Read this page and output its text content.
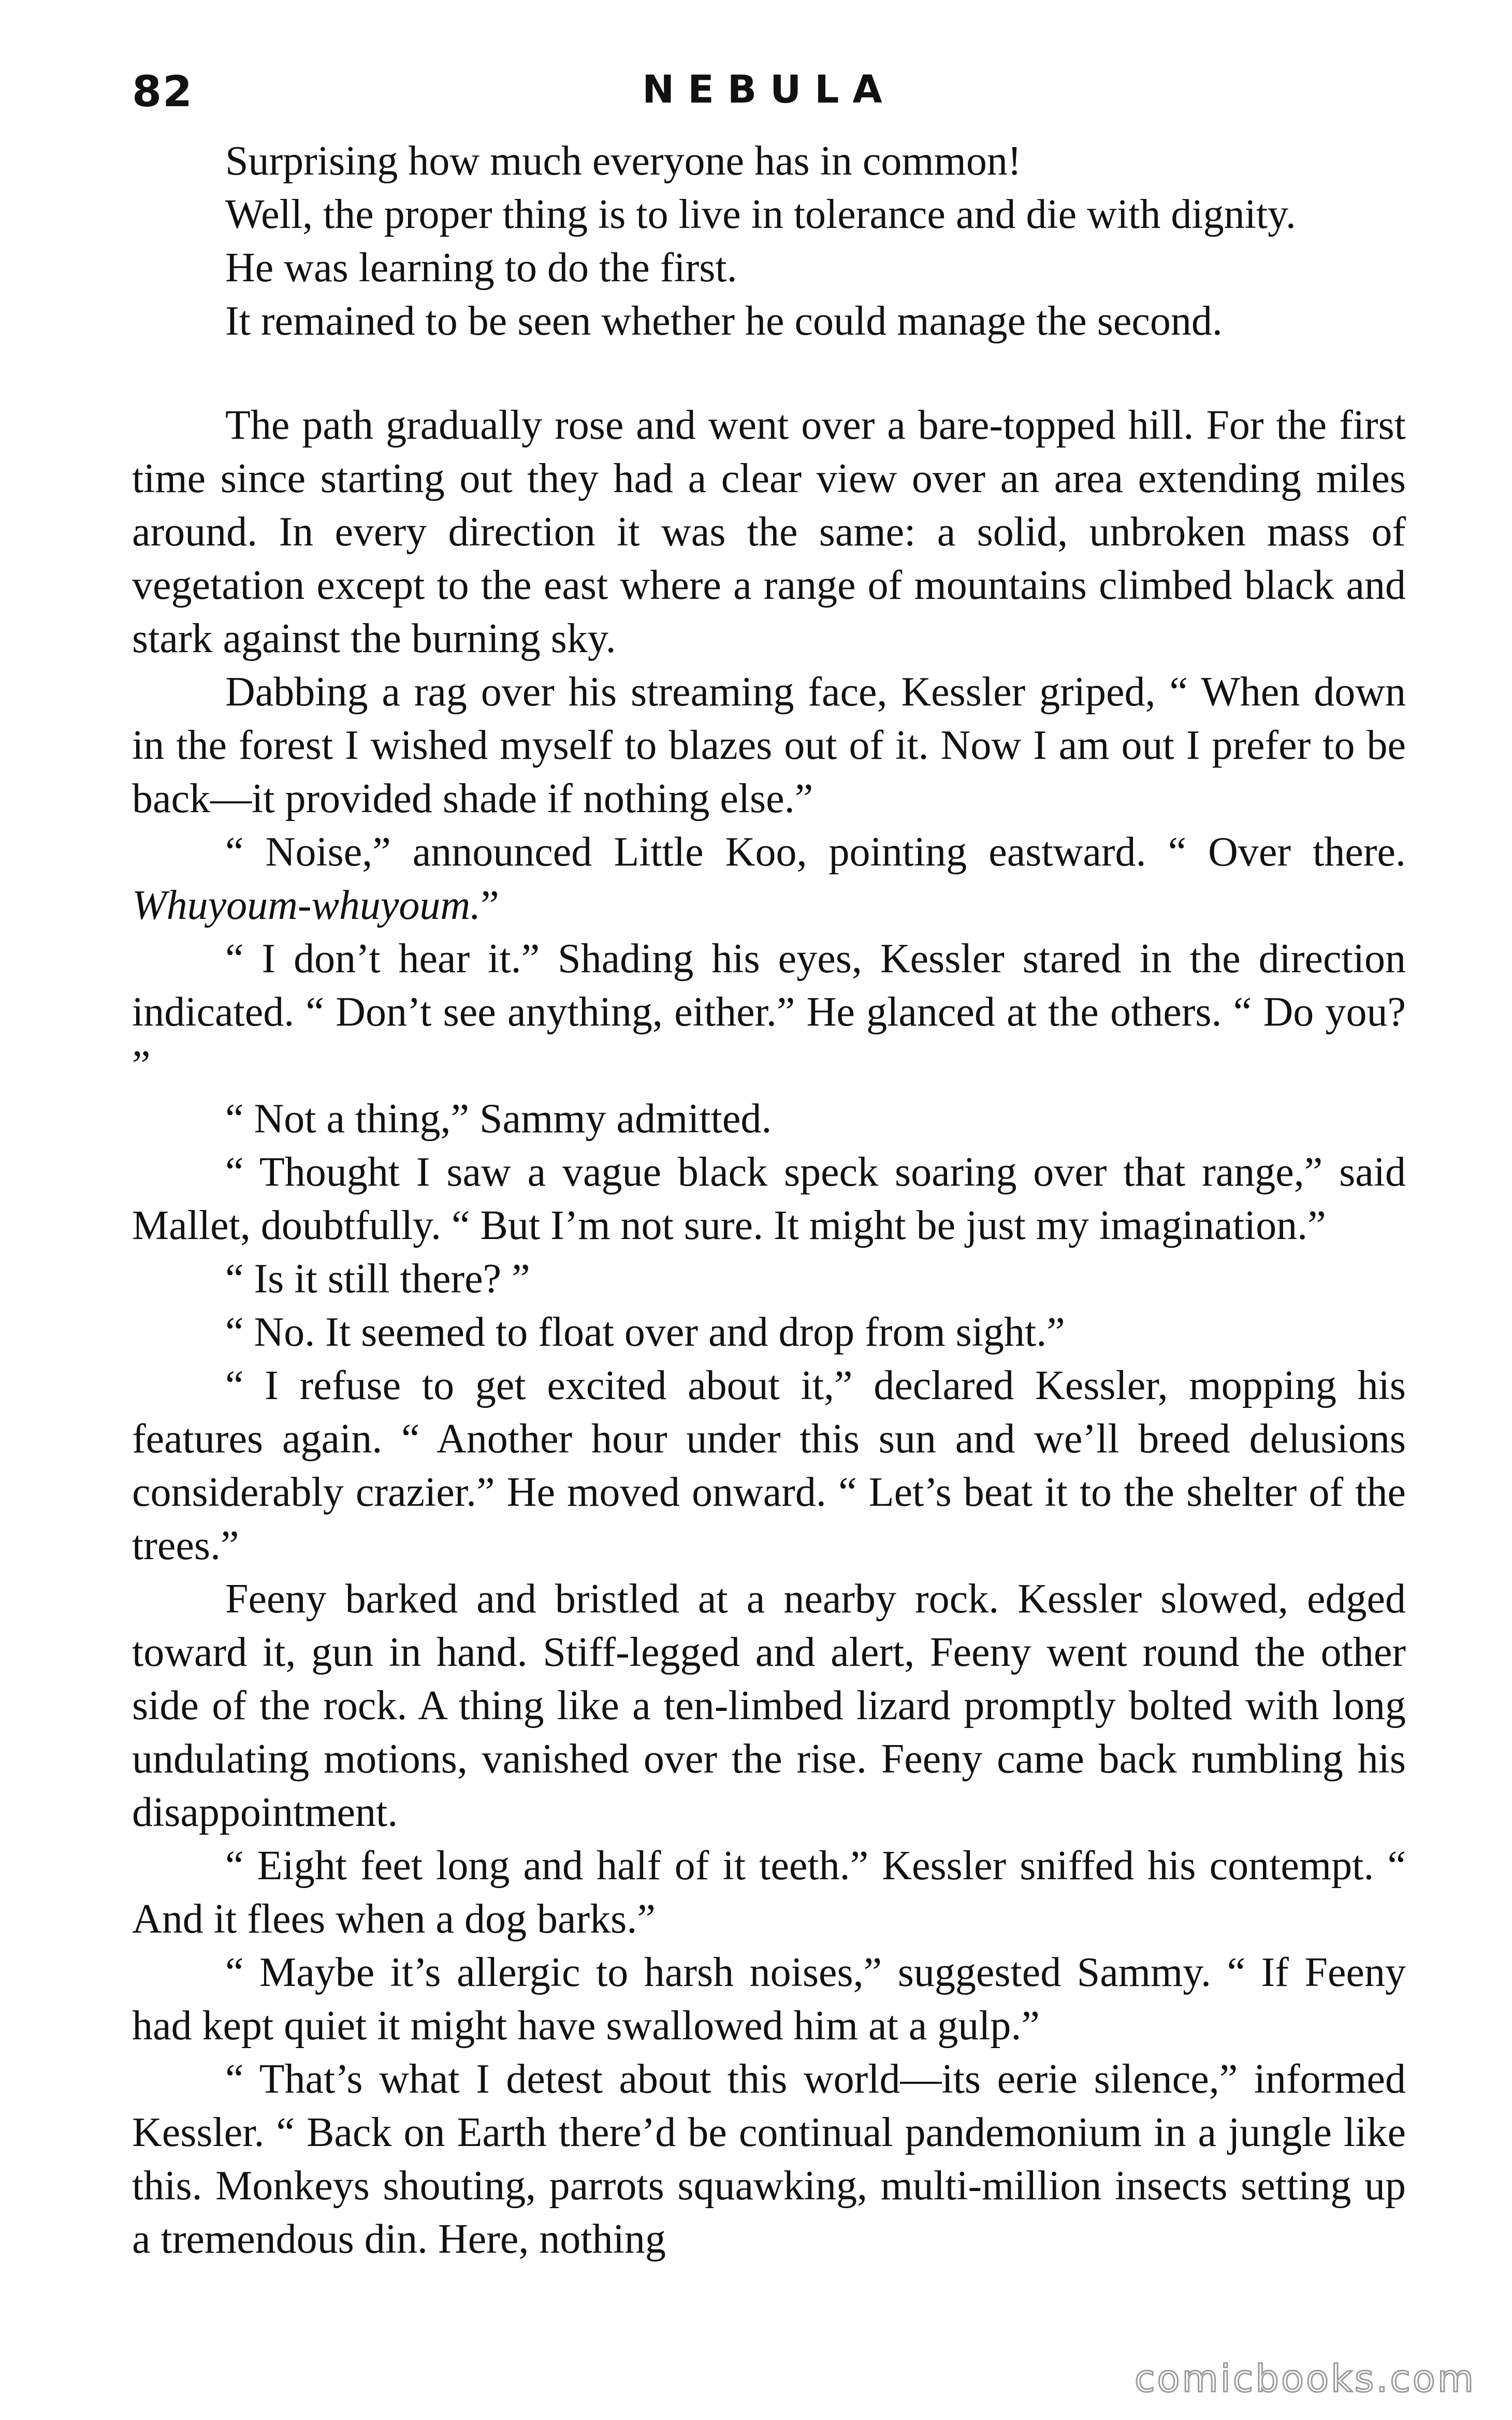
82	NEBULA

Surprising how much everyone has in common!

Well, the proper thing is to live in tolerance and die with dignity.

He was learning to do the first.

It remained to be seen whether he could manage the second.

The path gradually rose and went over a bare-topped hill. For the first time since starting out they had a clear view over an area extending miles around. In every direction it was the same: a solid, unbroken mass of vegetation except to the east where a range of mountains climbed black and stark against the burning sky.

Dabbing a rag over his streaming face, Kessler griped, “ When down in the forest I wished myself to blazes out of it. Now I am out I prefer to be back—it provided shade if nothing else.”

“ Noise,” announced Little Koo, pointing eastward. “ Over there. Whuyoum-whuyoum.”

“ I don’t hear it.” Shading his eyes, Kessler stared in the direction indicated. “ Don’t see anything, either.” He glanced at the others. “ Do you? ”

“ Not a thing,” Sammy admitted.

“ Thought I saw a vague black speck soaring over that range,” said Mallet, doubtfully. “ But I’m not sure. It might be just my imagination.”

“ Is it still there? ”

“ No. It seemed to float over and drop from sight.”

“ I refuse to get excited about it,” declared Kessler, mopping his features again. “ Another hour under this sun and we’ll breed delusions considerably crazier.” He moved onward. “ Let’s beat it to the shelter of the trees.”

Feeny barked and bristled at a nearby rock. Kessler slowed, edged toward it, gun in hand. Stiff-legged and alert, Feeny went round the other side of the rock. A thing like a ten-limbed lizard promptly bolted with long undulating motions, vanished over the rise. Feeny came back rumbling his disappointment.

“ Eight feet long and half of it teeth.” Kessler sniffed his contempt. “ And it flees when a dog barks.”

“ Maybe it’s allergic to harsh noises,” suggested Sammy. “ If Feeny had kept quiet it might have swallowed him at a gulp.”

“ That’s what I detest about this world—its eerie silence,” informed Kessler. “ Back on Earth there’d be continual pandemonium in a jungle like this. Monkeys shouting, parrots squawking, multi-million insects setting up a tremendous din. Here, nothing

comicbooks.com
